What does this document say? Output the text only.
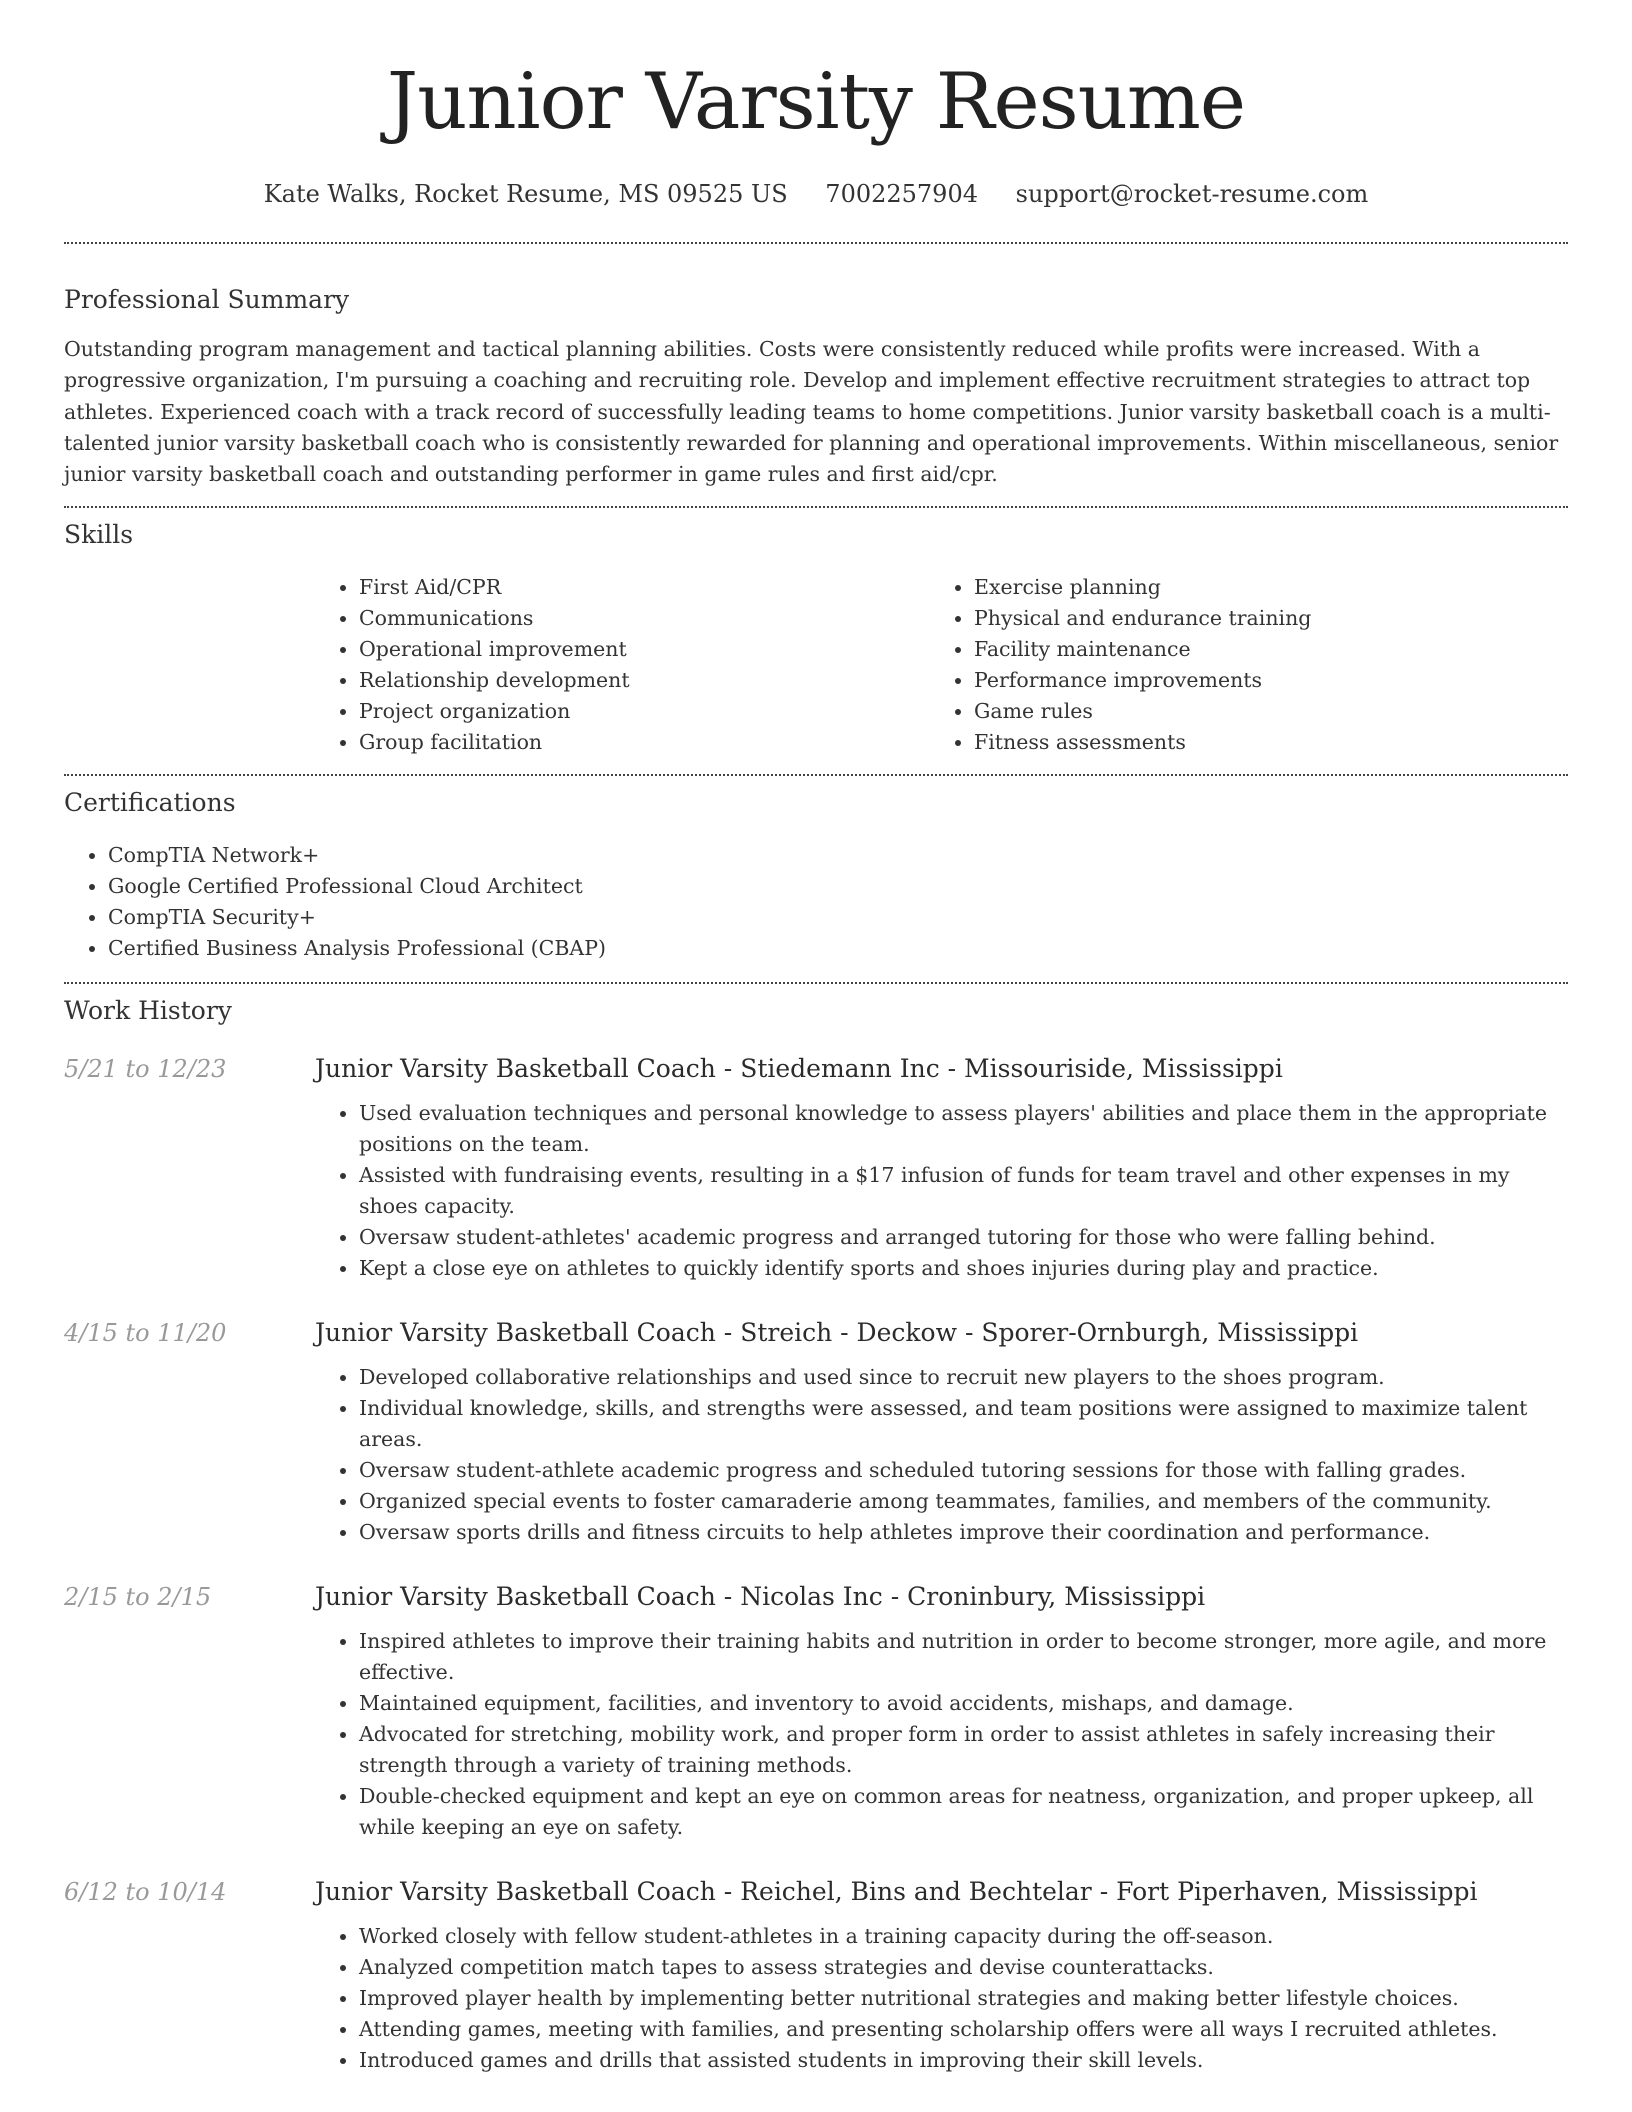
Junior Varsity Resume
Kate Walks, Rocket Resume, MS 09525 US 7002257904 support@rocket-resume.com
Professional Summary

Outstanding program management and tactical planning abilities. Costs were consistently reduced while profits were increased. With a progressive organization, I'm pursuing a coaching and recruiting role. Develop and implement effective recruitment strategies to attract top athletes. Experienced coach with a track record of successfully leading teams to home competitions. Junior varsity basketball coach is a multi-talented junior varsity basketball coach who is consistently rewarded for planning and operational improvements. Within miscellaneous, senior junior varsity basketball coach and outstanding performer in game rules and first aid/cpr.

Skills
• First Aid/CPR
• Communications
• Operational improvement
• Relationship development
• Project organization
• Group facilitation
• Exercise planning
• Physical and endurance training
• Facility maintenance
• Performance improvements
• Game rules
• Fitness assessments
Certifications
• CompTIA Network+
• Google Certified Professional Cloud Architect
• CompTIA Security+
• Certified Business Analysis Professional (CBAP)
Work History
5/21 to 12/23	Junior Varsity Basketball Coach - Stiedemann Inc - Missouriside, Mississippi
• Used evaluation techniques and personal knowledge to assess players' abilities and place them in the appropriate positions on the team.
• Assisted with fundraising events, resulting in a $17 infusion of funds for team travel and other expenses in my shoes capacity.
• Oversaw student-athletes' academic progress and arranged tutoring for those who were falling behind.
• Kept a close eye on athletes to quickly identify sports and shoes injuries during play and practice.
4/15 to 11/20	Junior Varsity Basketball Coach - Streich - Deckow - Sporer-Ornburgh, Mississippi
• Developed collaborative relationships and used since to recruit new players to the shoes program.
• Individual knowledge, skills, and strengths were assessed, and team positions were assigned to maximize talent areas.
• Oversaw student-athlete academic progress and scheduled tutoring sessions for those with falling grades.
• Organized special events to foster camaraderie among teammates, families, and members of the community.
• Oversaw sports drills and fitness circuits to help athletes improve their coordination and performance.
2/15 to 2/15	Junior Varsity Basketball Coach - Nicolas Inc - Croninbury, Mississippi
• Inspired athletes to improve their training habits and nutrition in order to become stronger, more agile, and more effective.
• Maintained equipment, facilities, and inventory to avoid accidents, mishaps, and damage.
• Advocated for stretching, mobility work, and proper form in order to assist athletes in safely increasing their strength through a variety of training methods.
• Double-checked equipment and kept an eye on common areas for neatness, organization, and proper upkeep, all while keeping an eye on safety.
6/12 to 10/14	Junior Varsity Basketball Coach - Reichel, Bins and Bechtelar - Fort Piperhaven, Mississippi
• Worked closely with fellow student-athletes in a training capacity during the off-season.
• Analyzed competition match tapes to assess strategies and devise counterattacks.
• Improved player health by implementing better nutritional strategies and making better lifestyle choices.
• Attending games, meeting with families, and presenting scholarship offers were all ways I recruited athletes.
• Introduced games and drills that assisted students in improving their skill levels.
